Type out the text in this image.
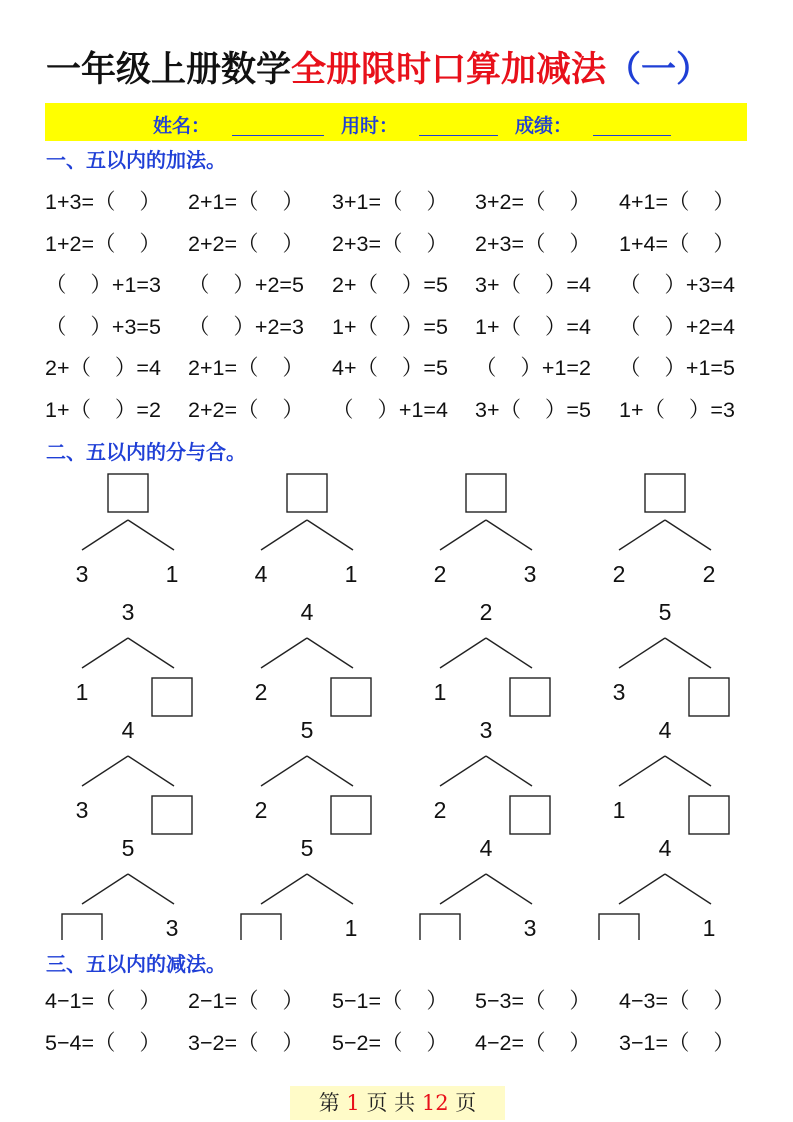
一年级上册数学全册限时口算加减法（一）
姓名：	用时：	成绩：
一、五以内的加法。
1+3=（    ） 2+1=（    ） 3+1=（    ） 3+2=（    ） 4+1=（    ）
1+2=（    ） 2+2=（    ） 2+3=（    ） 2+3=（    ） 1+4=（    ）
（    ）+1=3 （    ）+2=5 2+（    ）=5 3+（    ）=4 （    ）+3=4
（    ）+3=5 （    ）+2=3 1+（    ）=5 1+（    ）=4 （    ）+2=4
2+（    ）=4 2+1=（    ） 4+（    ）=5 （    ）+1=2 （    ）+1=5
1+（    ）=2 2+2=（    ） （    ）+1=4 3+（    ）=5 1+（    ）=3
二、五以内的分与合。
3	1	4	1	2	3	2	2
3
1
4
2
2
1
5
3
4
3
5
2
3
2
4
1
5
3
5
1
4
3
4
1
三、五以内的减法。
4−1=（    ） 2−1=（    ） 5−1=（    ） 5−3=（    ） 4−3=（    ）
5−4=（    ） 3−2=（    ） 5−2=（    ） 4−2=（    ） 3−1=（    ）
第 1 页 共 12 页
